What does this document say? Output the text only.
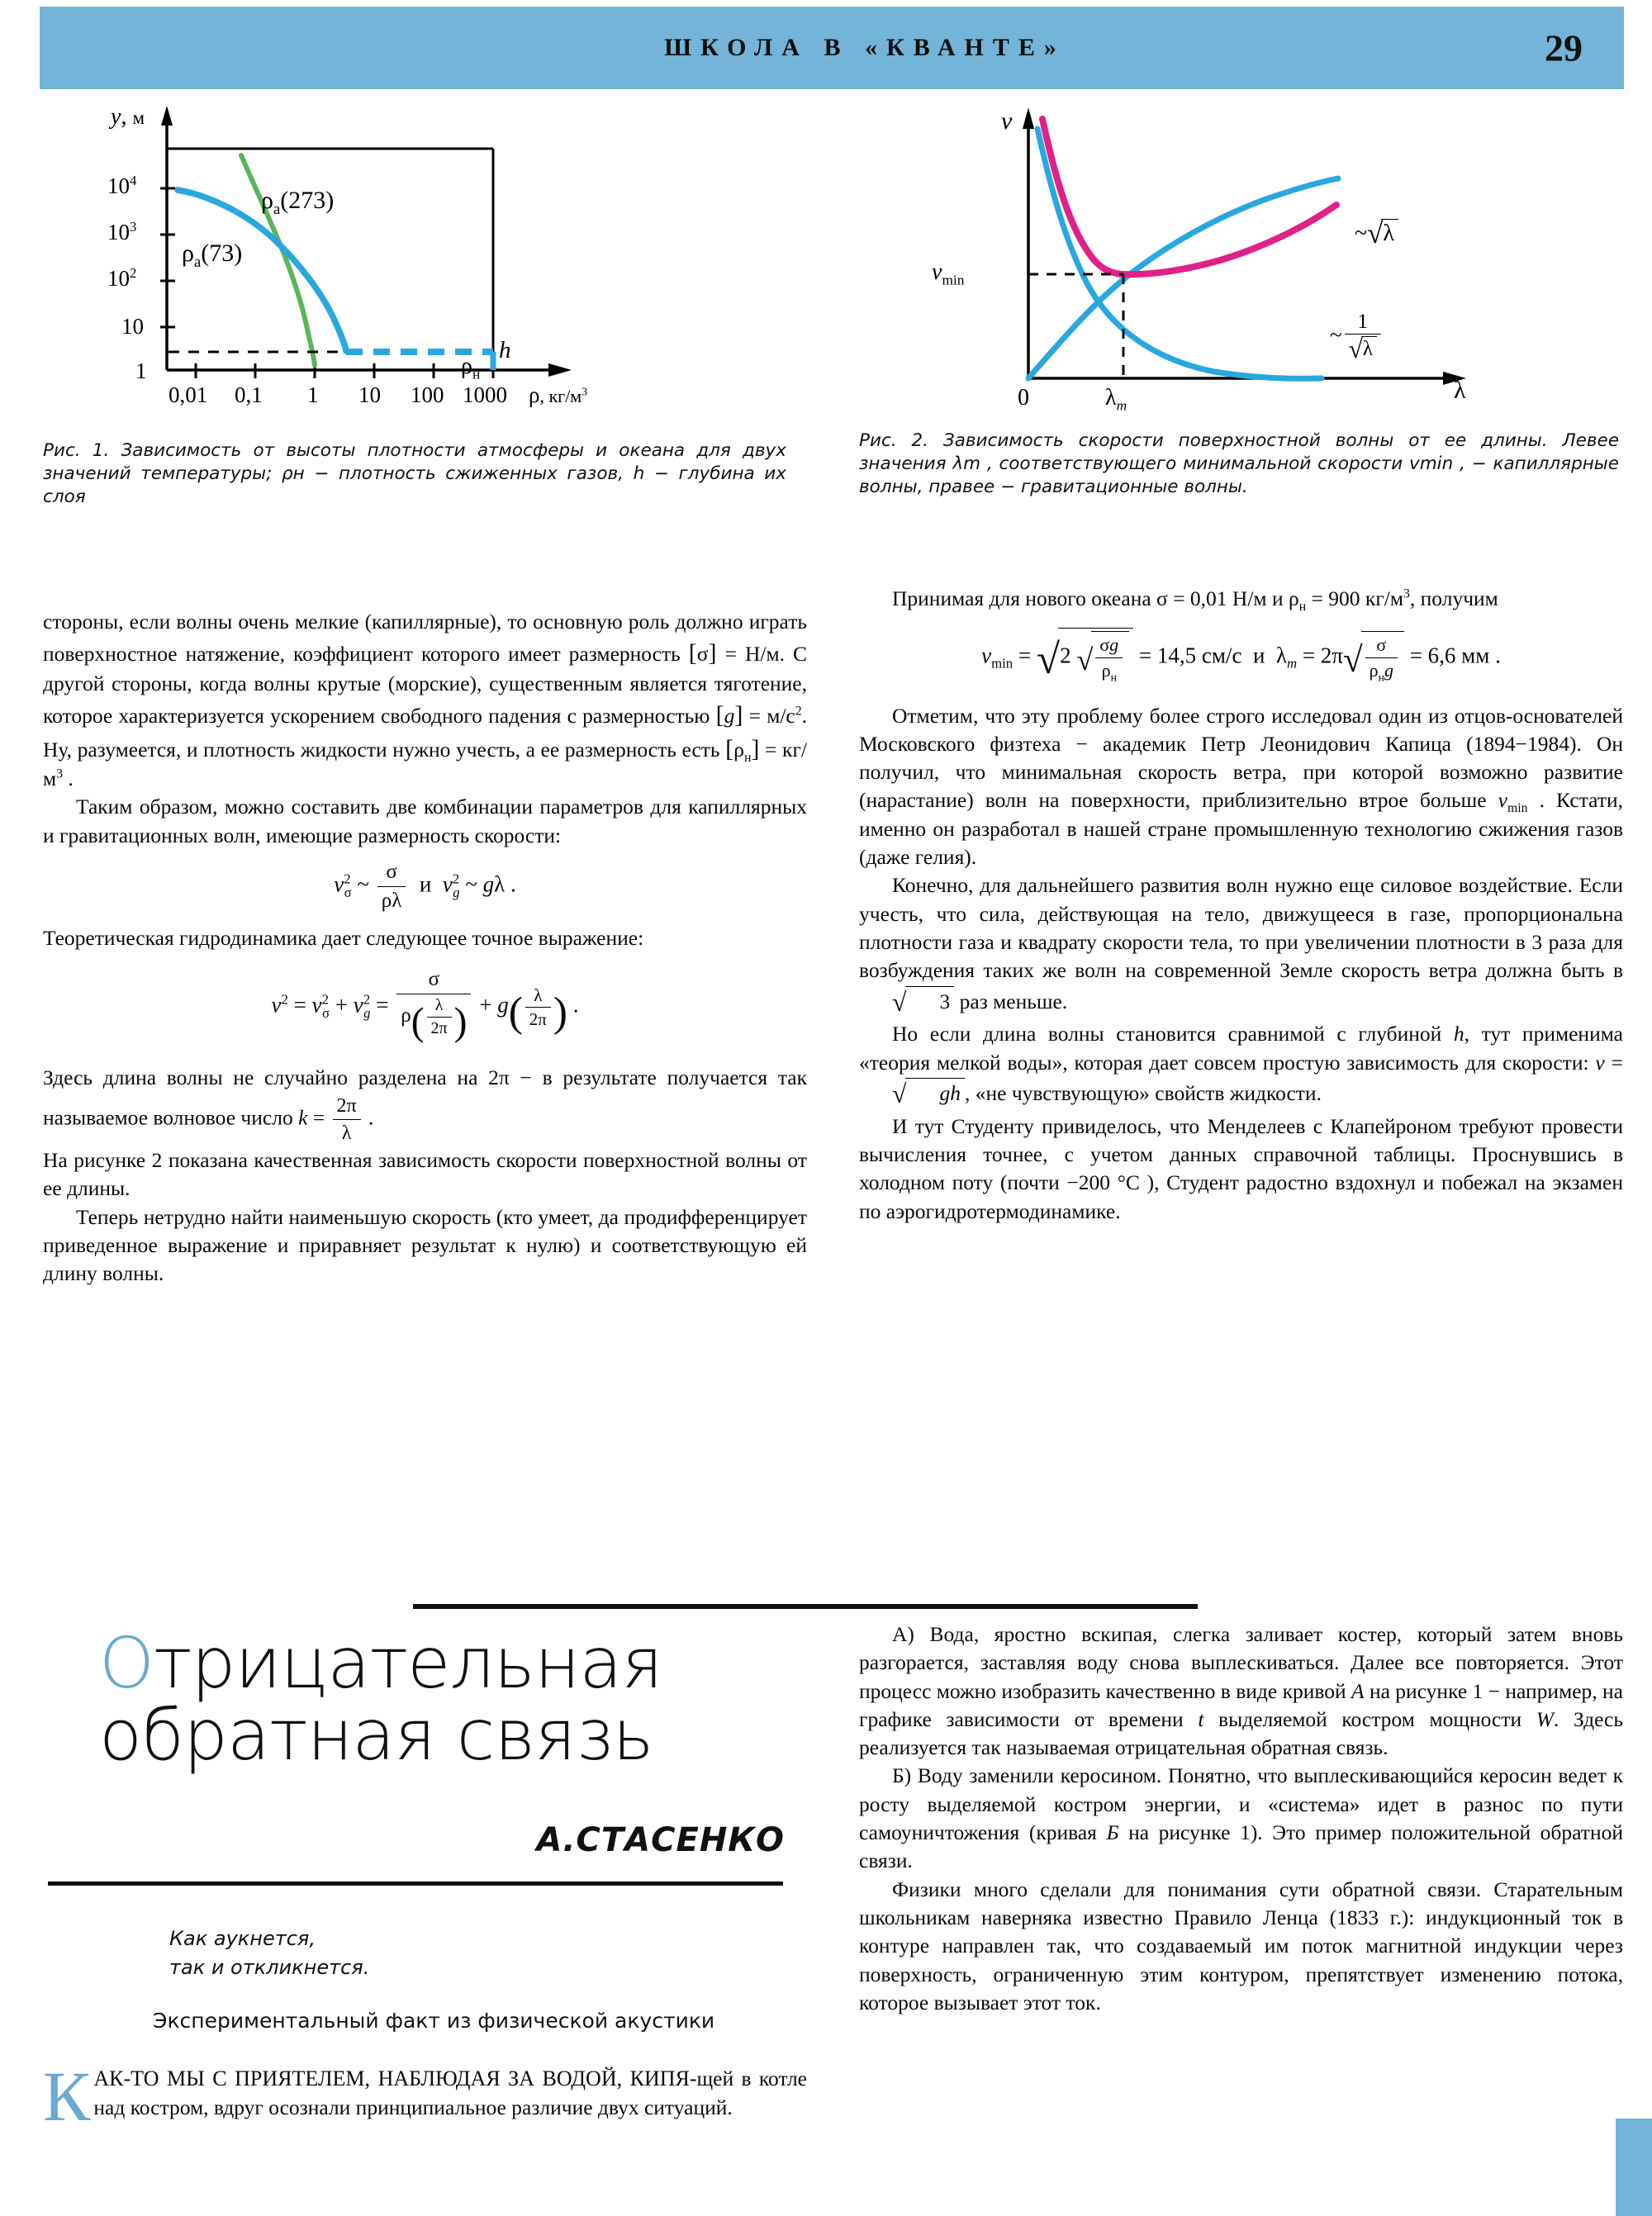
ШКОЛА В «КВАНТЕ»	29
y, м
$10^4$
$10^3$
$10^2$
10
1
0,01 0,1 1 10 100 1000 ρ, $кг/м^3$
$\rho_a(273)$
$\rho_a(73)$
h
$\rho_н$
Рис. 1. Зависимость от высоты плотности атмосферы и океана для двух значений температуры; ρн − плотность сжиженных газов, h − глубина их слоя

стороны, если волны очень мелкие (капиллярные), то основную роль должно играть поверхностное натяжение, коэффициент которого имеет размерность [σ] = Н/м. С другой стороны, когда волны крутые (морские), существенным является тяготение, которое характеризуется ускорением свободного падения с размерностью $[g] = м/с^2$. Ну, разумеется, и плотность жидкости нужно учесть, а ее размерность есть $[\rho_н] = кг/м^3$ .

Таким образом, можно составить две комбинации параметров для капиллярных и гравитационных волн, имеющие размерность скорости:

$v^2_\sigma$ ~ $\frac{\sigma}{\rho\lambda}$ и  $v^2_g$ ~ gλ .

Теоретическая гидродинамика дает следующее точное выражение:

$v^2 = v^2_\sigma + v^2_g = \frac{\sigma}{\rho( \frac{\lambda}{2\pi} )} + g( \frac{\lambda}{2\pi}$ ) .

Здесь длина волны не случайно разделена на 2π − в результате получается так называемое волновое число $k = \frac{2\pi}{\lambda}$ .

На рисунке 2 показана качественная зависимость скорости поверхностной волны от ее длины.

Теперь нетрудно найти наименьшую скорость (кто умеет, да продифференцирует приведенное выражение и приравняет результат к нулю) и соответствующую ей длину волны.

v
λ
0	$\lambda_m$
$v_{min}$
~√λ
~ $\frac{1}{√\lambda}$
Рис. 2. Зависимость скорости поверхностной волны от ее длины. Левее значения λm , соответствующего минимальной скорости vmin , − капиллярные волны, правее − гравитационные волны.

Принимая для нового океана σ = 0,01 Н/м и $\rho_н = 900$ $кг/м^3$, получим

$v_{min} = √2$ √ $\frac{\sigma g}{\rho_н} = 14,5$ см/с  и  $\lambda_m = 2\pi√ \frac{\sigma}{\rho_нg} = 6,6$ мм .

Отметим, что эту проблему более строго исследовал один из отцов-основателей Московского физтеха − академик Петр Леонидович Капица (1894−1984). Он получил, что минимальная скорость ветра, при которой возможно развитие (нарастание) волн на поверхности, приблизительно втрое больше $v_{min}$ . Кстати, именно он разработал в нашей стране промышленную технологию сжижения газов (даже гелия).

Конечно, для дальнейшего развития волн нужно еще силовое воздействие. Если учесть, что сила, действующая на тело, движущееся в газе, пропорциональна плотности газа и квадрату скорости тела, то при увеличении плотности в 3 раза для возбуждения таких же волн на современной Земле скорость ветра должна быть в √ 3 раз меньше.

Но если длина волны становится сравнимой с глубиной h, тут применима «теория мелкой воды», которая дает совсем простую зависимость для скорости: v = √ gh , «не чувствующую» свойств жидкости.

И тут Студенту привиделось, что Менделеев с Клапейроном требуют провести вычисления точнее, с учетом данных справочной таблицы. Проснувшись в холодном поту (почти −200 °C ), Студент радостно вздохнул и побежал на экзамен по аэрогидротермодинамике.

Отрицательная
обратная связь
А.СТАСЕНКО
Как аукнется,
так и откликнется.
Экспериментальный факт из физической акустики
КАК-ТО МЫ С ПРИЯТЕЛЕМ, НАБЛЮДАЯ ЗА ВОДОЙ, КИПЯ-щей в котле над костром, вдруг осознали принципиальное различие двух ситуаций.

А) Вода, яростно вскипая, слегка заливает костер, который затем вновь разгорается, заставляя воду снова выплескиваться. Далее все повторяется. Этот процесс можно изобразить качественно в виде кривой А на рисунке 1 − например, на графике зависимости от времени t выделяемой костром мощности W. Здесь реализуется так называемая отрицательная обратная связь.

Б) Воду заменили керосином. Понятно, что выплескивающийся керосин ведет к росту выделяемой костром энергии, и «система» идет в разнос по пути самоуничтожения (кривая Б на рисунке 1). Это пример положительной обратной связи.

Физики много сделали для понимания сути обратной связи. Старательным школьникам наверняка известно Правило Ленца (1833 г.): индукционный ток в контуре направлен так, что создаваемый им поток магнитной индукции через поверхность, ограниченную этим контуром, препятствует изменению потока, которое вызывает этот ток.
